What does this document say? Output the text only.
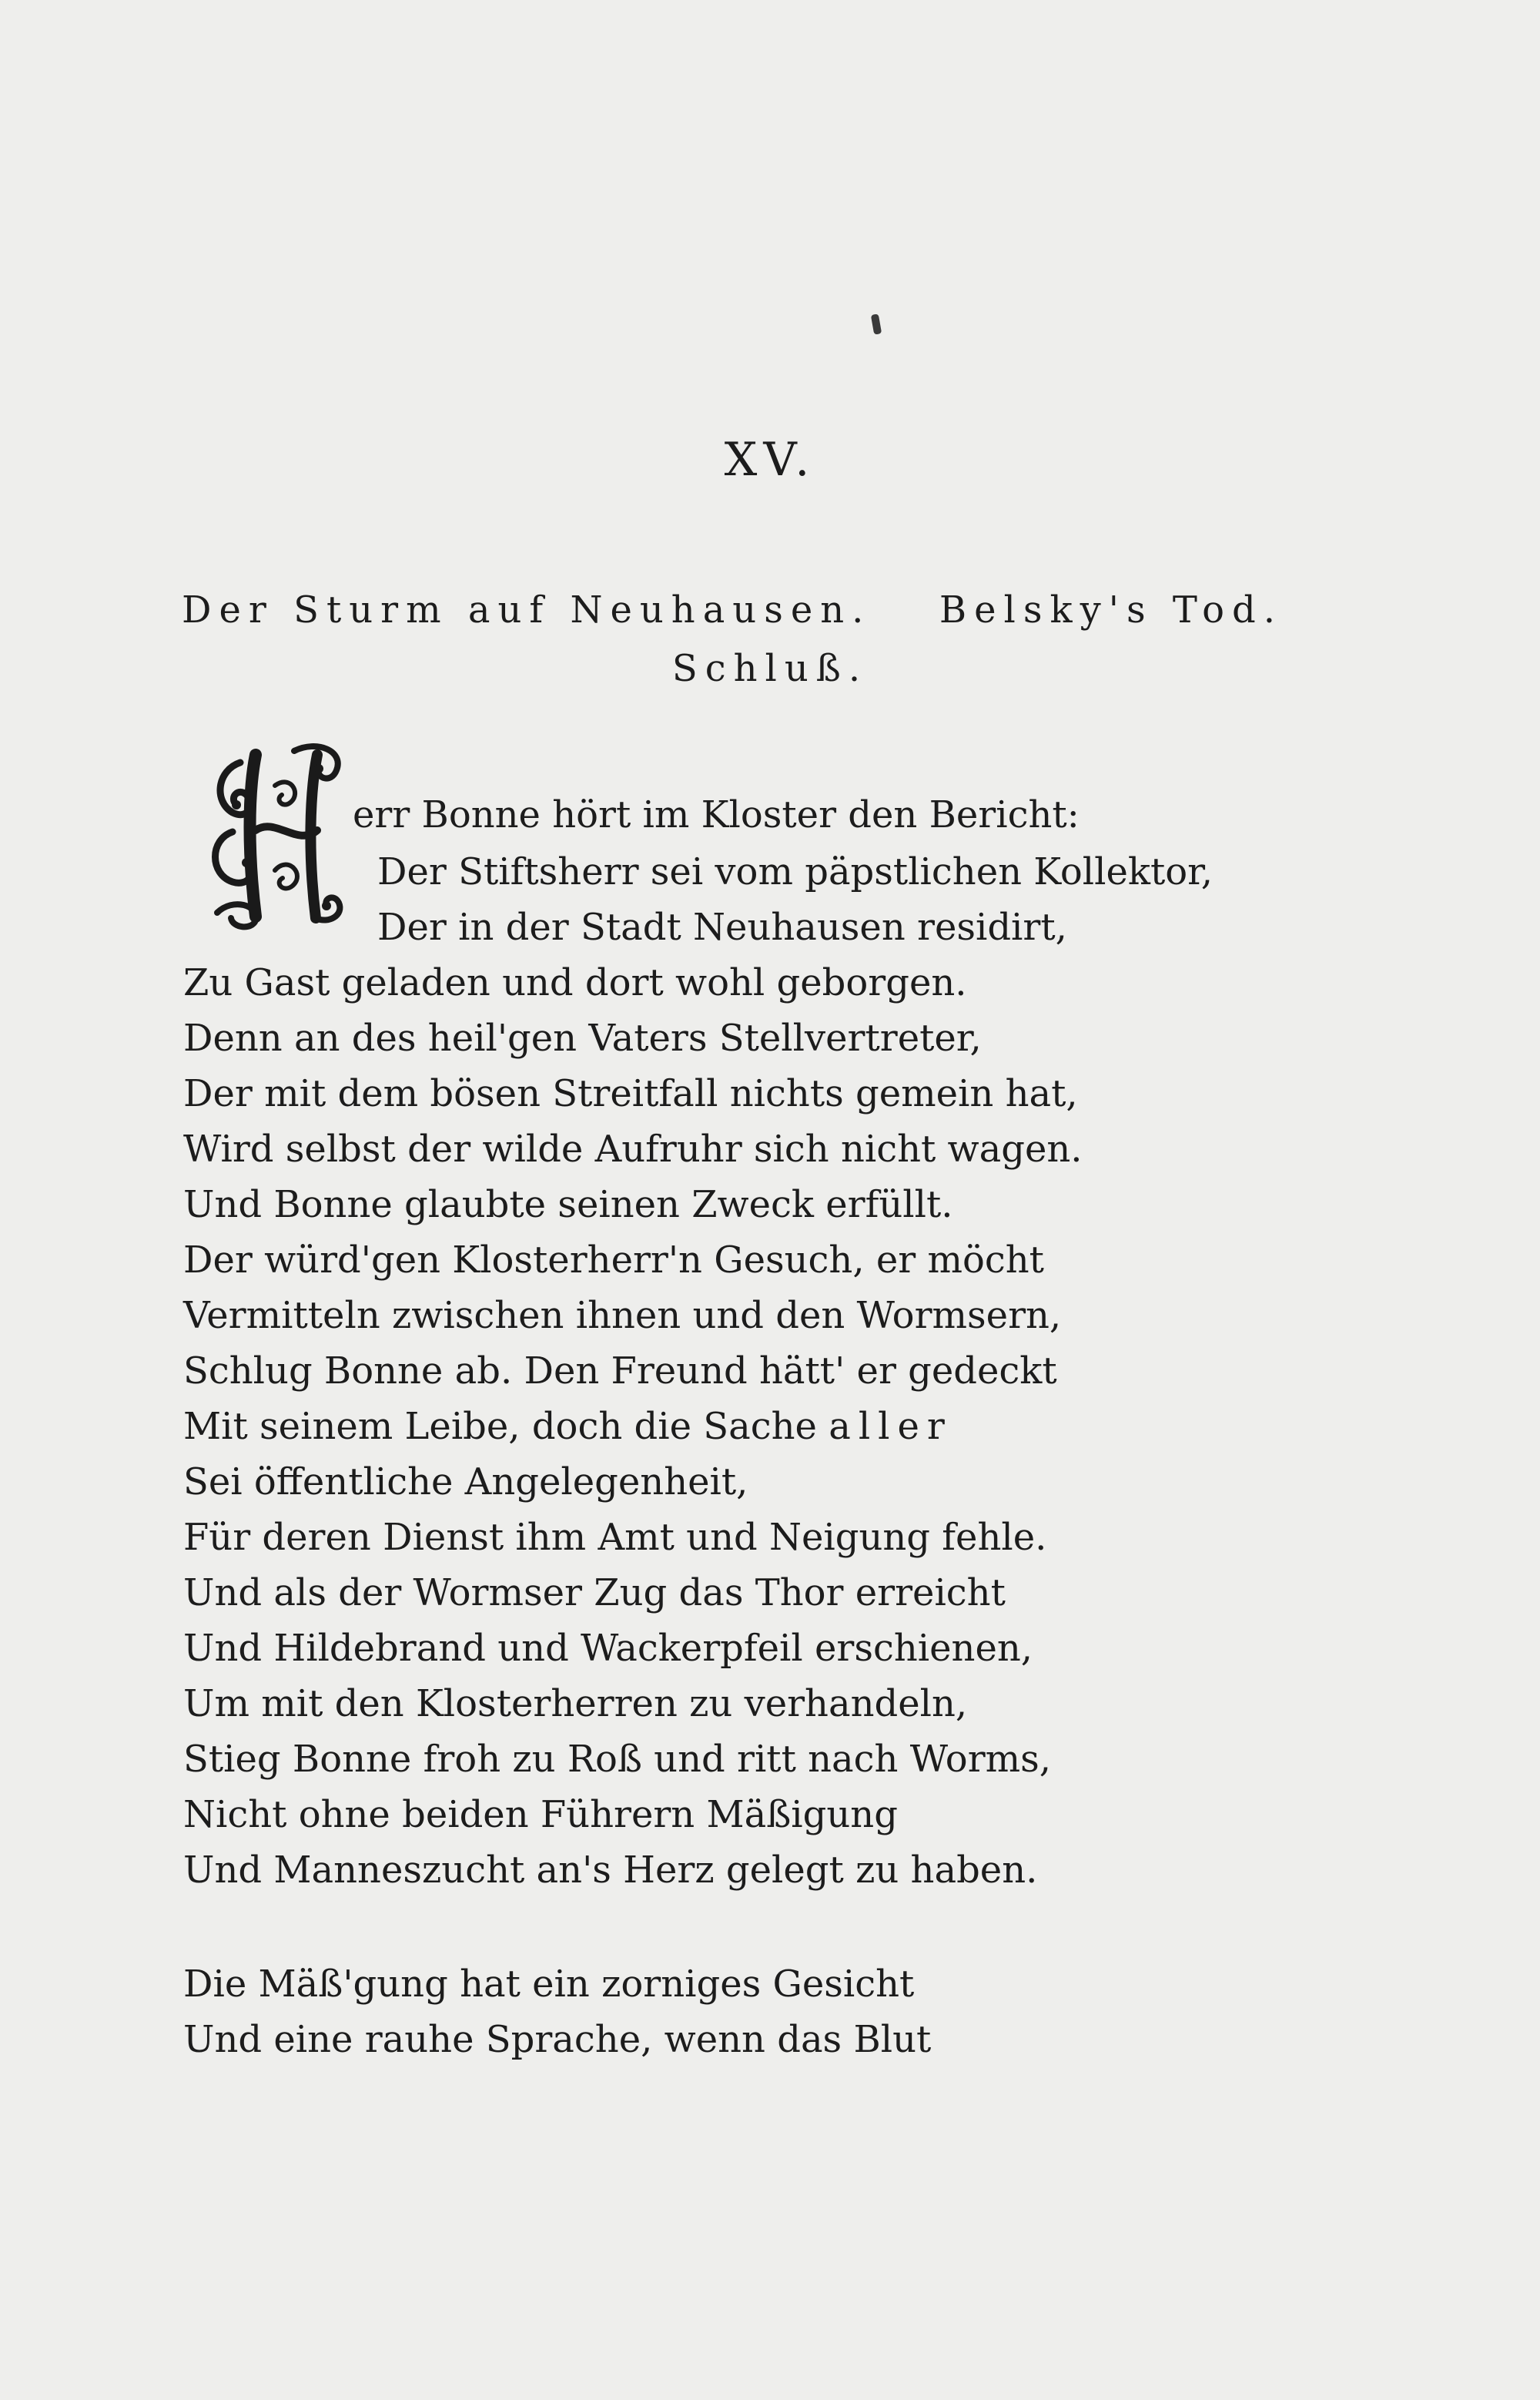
XV.
Der Sturm auf Neuhausen. Belsky's Tod.
Schluß.
H
err Bonne hört im Kloster den Bericht:
Der Stiftsherr sei vom päpstlichen Kollektor,
Der in der Stadt Neuhausen residirt,
Zu Gast geladen und dort wohl geborgen.
Denn an des heil'gen Vaters Stellvertreter,
Der mit dem bösen Streitfall nichts gemein hat,
Wird selbst der wilde Aufruhr sich nicht wagen.
Und Bonne glaubte seinen Zweck erfüllt.
Der würd'gen Klosterherr'n Gesuch, er möcht
Vermitteln zwischen ihnen und den Wormsern,
Schlug Bonne ab. Den Freund hätt' er gedeckt
Mit seinem Leibe, doch die Sache aller
Sei öffentliche Angelegenheit,
Für deren Dienst ihm Amt und Neigung fehle.
Und als der Wormser Zug das Thor erreicht
Und Hildebrand und Wackerpfeil erschienen,
Um mit den Klosterherren zu verhandeln,
Stieg Bonne froh zu Roß und ritt nach Worms,
Nicht ohne beiden Führern Mäßigung
Und Manneszucht an's Herz gelegt zu haben.
Die Mäß'gung hat ein zorniges Gesicht
Und eine rauhe Sprache, wenn das Blut
